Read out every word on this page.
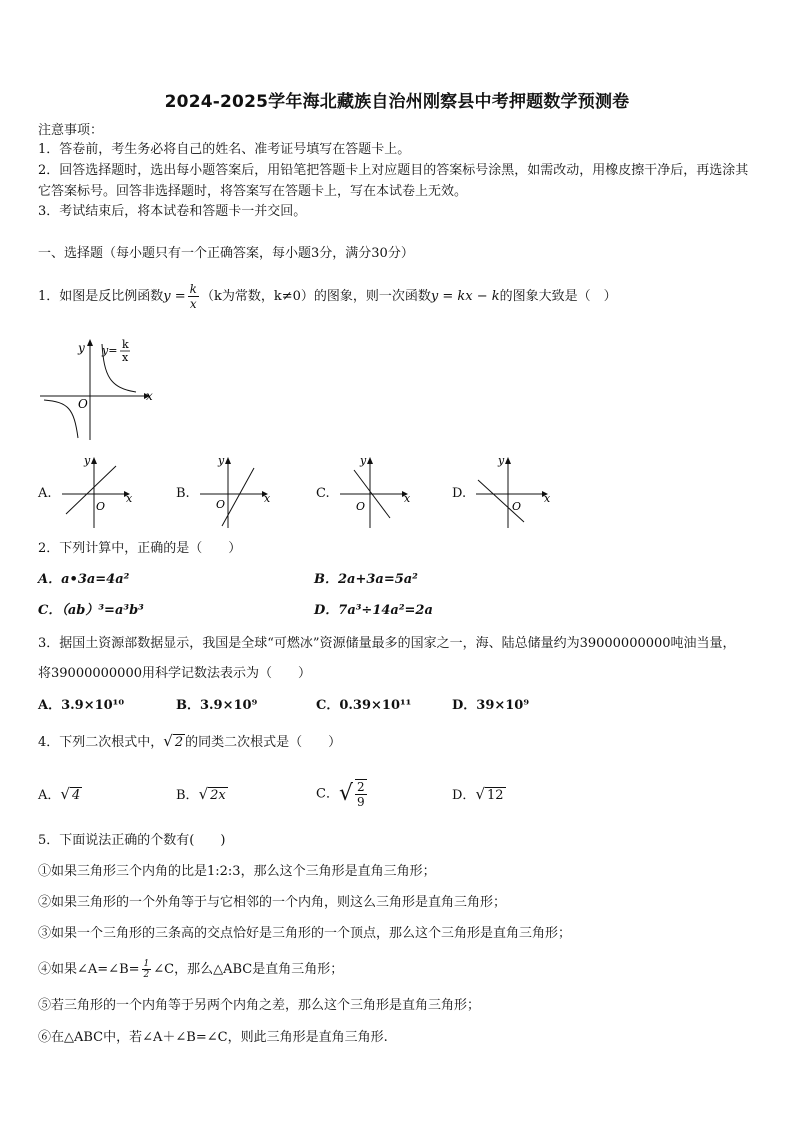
2024-2025学年海北藏族自治州刚察县中考押题数学预测卷
注意事项：
1．答卷前，考生务必将自己的姓名、准考证号填写在答题卡上。
2．回答选择题时，选出每小题答案后，用铅笔把答题卡上对应题目的答案标号涂黑，如需改动，用橡皮擦干净后，再选涂其它答案标号。回答非选择题时，将答案写在答题卡上，写在本试卷上无效。
3．考试结束后，将本试卷和答题卡一并交回。
一、选择题（每小题只有一个正确答案，每小题3分，满分30分）
1．如图是反比例函数$y = \frac{k}{x} (k$为常数，k≠0）的图象，则一次函数y = kx − k的图象大致是（　）
x
y
O
y= k
x
A.	x
y
O
B.	x
y
O
C.	x
y
O
D.	x
y
O
2．下列计算中，正确的是（　　）
A．a•3a=4a²	B．2a+3a=5a²
C．（ab）³=a³b³	D．7a³÷14a²=2a
3．据国土资源部数据显示，我国是全球“可燃冰”资源储量最多的国家之一，海、陆总储量约为39000000000吨油当量，
将39000000000用科学记数法表示为（　　）
A．3.9×10¹⁰	B．3.9×10⁹	C．0.39×10¹¹	D．39×10⁹
4．下列二次根式中，√ 2 的同类二次根式是（　　）
A．√ 4	B．√ 2x	C．√ $\frac{2}{9}$	D．√ 12
5．下面说法正确的个数有(　　)
①如果三角形三个内角的比是1:2:3，那么这个三角形是直角三角形；
②如果三角形的一个外角等于与它相邻的一个内角，则这么三角形是直角三角形；
③如果一个三角形的三条高的交点恰好是三角形的一个顶点，那么这个三角形是直角三角形；
④如果∠A=∠B= $\frac{1}{2}$ ∠C，那么△ABC是直角三角形；
⑤若三角形的一个内角等于另两个内角之差，那么这个三角形是直角三角形；
⑥在△ABC中，若∠A＋∠B=∠C，则此三角形是直角三角形.
